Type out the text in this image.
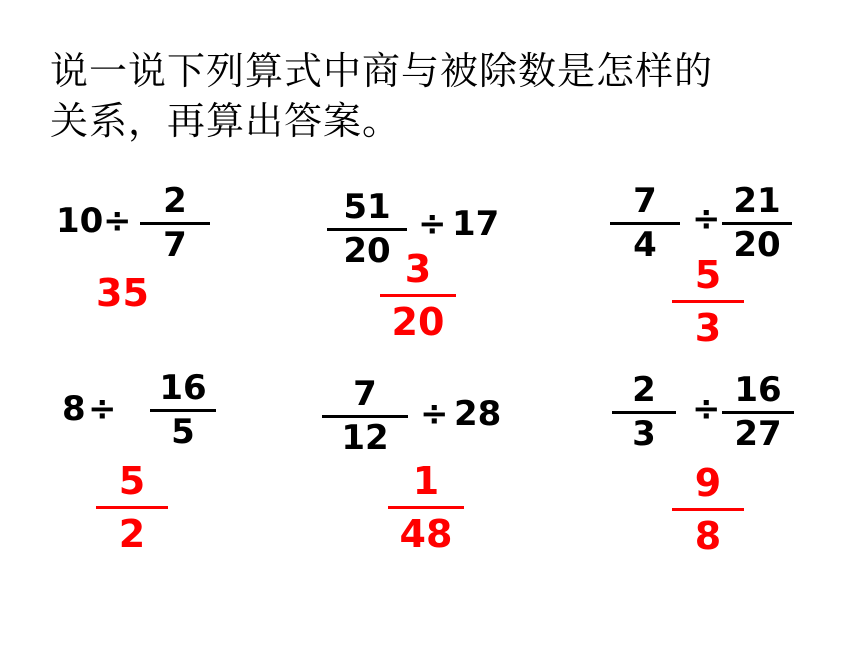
说一说下列算式中商与被除数是怎样的
关系，再算出答案。
10 ÷ 2
7
35
51
20
÷ 17
3
20
7
4
÷ 21
20
5
3
8 ÷
16
5
5
2
7
12
÷ 28
1
48
2
3
÷ 16
27
9
8
